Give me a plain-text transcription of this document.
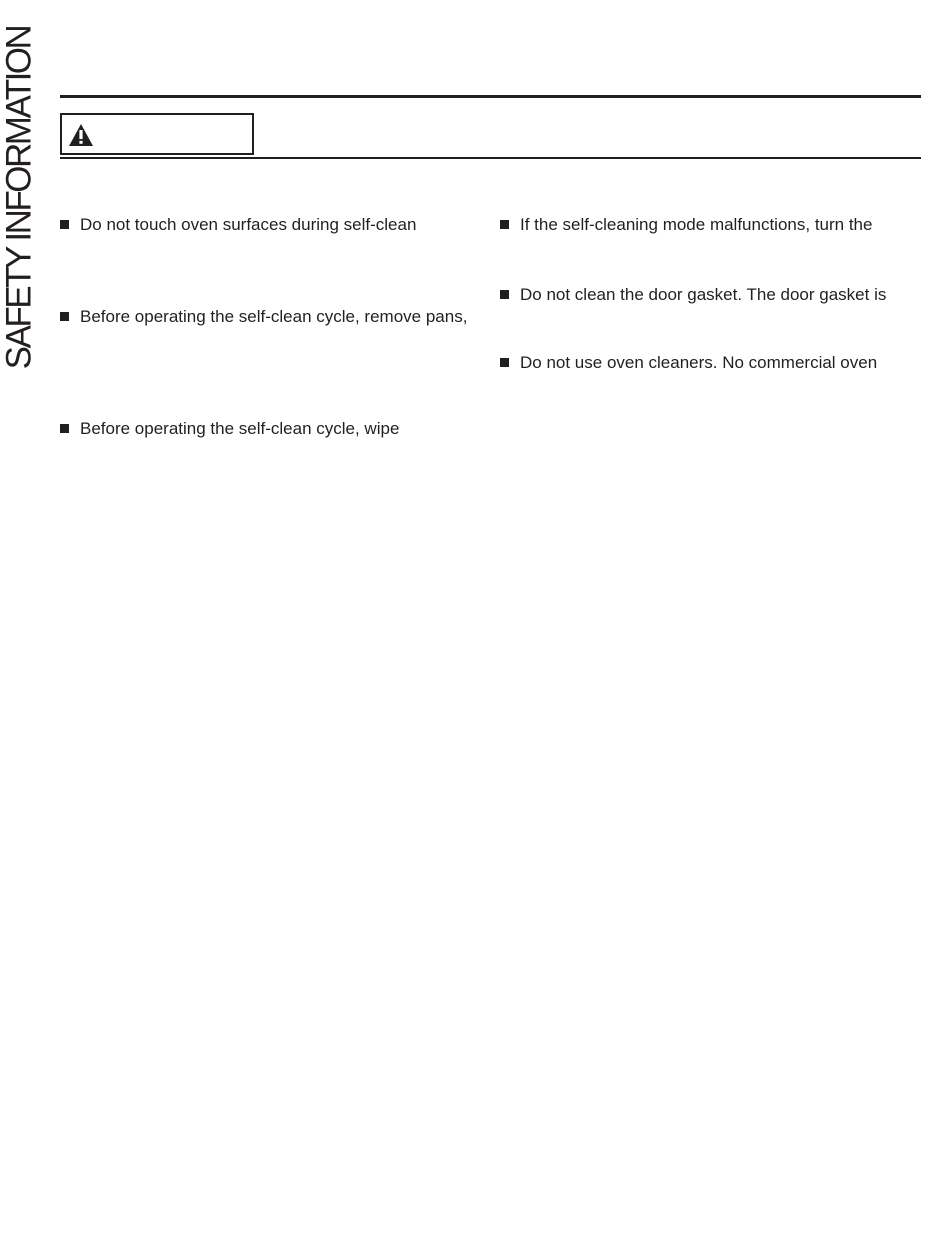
SAFETY INFORMATION	Do not touch oven surfaces during self-clean
Before operating the self-clean cycle, remove pans,
Before operating the self-clean cycle, wipe
If the self-cleaning mode malfunctions, turn the
Do not clean the door gasket. The door gasket is
Do not use oven cleaners. No commercial oven
